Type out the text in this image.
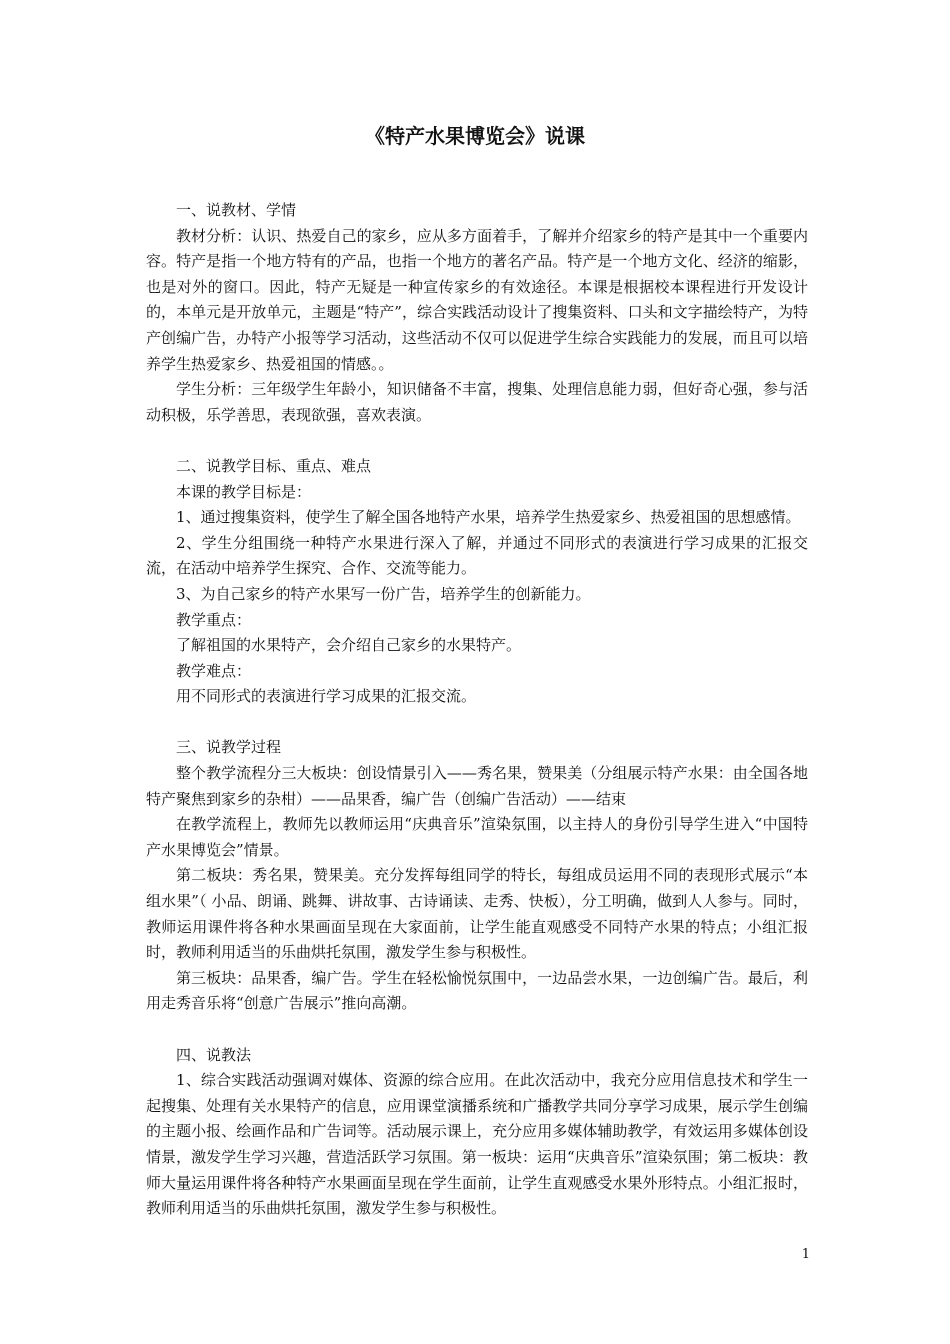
《特产水果博览会》说课

一、说教材、学情

教材分析：认识、热爱自己的家乡，应从多方面着手，了解并介绍家乡的特产是其中一个重要内容。特产是指一个地方特有的产品，也指一个地方的著名产品。特产是一个地方文化、经济的缩影，也是对外的窗口。因此，特产无疑是一种宣传家乡的有效途径。本课是根据校本课程进行开发设计的，本单元是开放单元，主题是“特产”，综合实践活动设计了搜集资料、口头和文字描绘特产，为特产创编广告，办特产小报等学习活动，这些活动不仅可以促进学生综合实践能力的发展，而且可以培养学生热爱家乡、热爱祖国的情感。。

学生分析：三年级学生年龄小，知识储备不丰富，搜集、处理信息能力弱，但好奇心强，参与活动积极，乐学善思，表现欲强，喜欢表演。

二、说教学目标、重点、难点

本课的教学目标是：

1、通过搜集资料，使学生了解全国各地特产水果，培养学生热爱家乡、热爱祖国的思想感情。

2、学生分组围绕一种特产水果进行深入了解，并通过不同形式的表演进行学习成果的汇报交流，在活动中培养学生探究、合作、交流等能力。

3、为自己家乡的特产水果写一份广告，培养学生的创新能力。

教学重点：

了解祖国的水果特产，会介绍自己家乡的水果特产。

教学难点：

用不同形式的表演进行学习成果的汇报交流。

三、说教学过程

整个教学流程分三大板块：创设情景引入——秀名果，赞果美（分组展示特产水果：由全国各地特产聚焦到家乡的杂柑）——品果香，编广告（创编广告活动）——结束

在教学流程上，教师先以教师运用“庆典音乐”渲染氛围，以主持人的身份引导学生进入“中国特产水果博览会”情景。

第二板块：秀名果，赞果美。充分发挥每组同学的特长，每组成员运用不同的表现形式展示“本组水果”（ 小品、朗诵、跳舞、讲故事、古诗诵读、走秀、快板），分工明确，做到人人参与。同时，教师运用课件将各种水果画面呈现在大家面前，让学生能直观感受不同特产水果的特点；小组汇报时，教师利用适当的乐曲烘托氛围，激发学生参与积极性。

第三板块：品果香，编广告。学生在轻松愉悦氛围中，一边品尝水果，一边创编广告。最后，利用走秀音乐将“创意广告展示”推向高潮。

四、说教法

1、综合实践活动强调对媒体、资源的综合应用。在此次活动中，我充分应用信息技术和学生一起搜集、处理有关水果特产的信息，应用课堂演播系统和广播教学共同分享学习成果，展示学生创编的主题小报、绘画作品和广告词等。活动展示课上，充分应用多媒体辅助教学，有效运用多媒体创设情景，激发学生学习兴趣，营造活跃学习氛围。第一板块：运用“庆典音乐”渲染氛围；第二板块：教师大量运用课件将各种特产水果画面呈现在学生面前，让学生直观感受水果外形特点。小组汇报时，教师利用适当的乐曲烘托氛围，激发学生参与积极性。

1
